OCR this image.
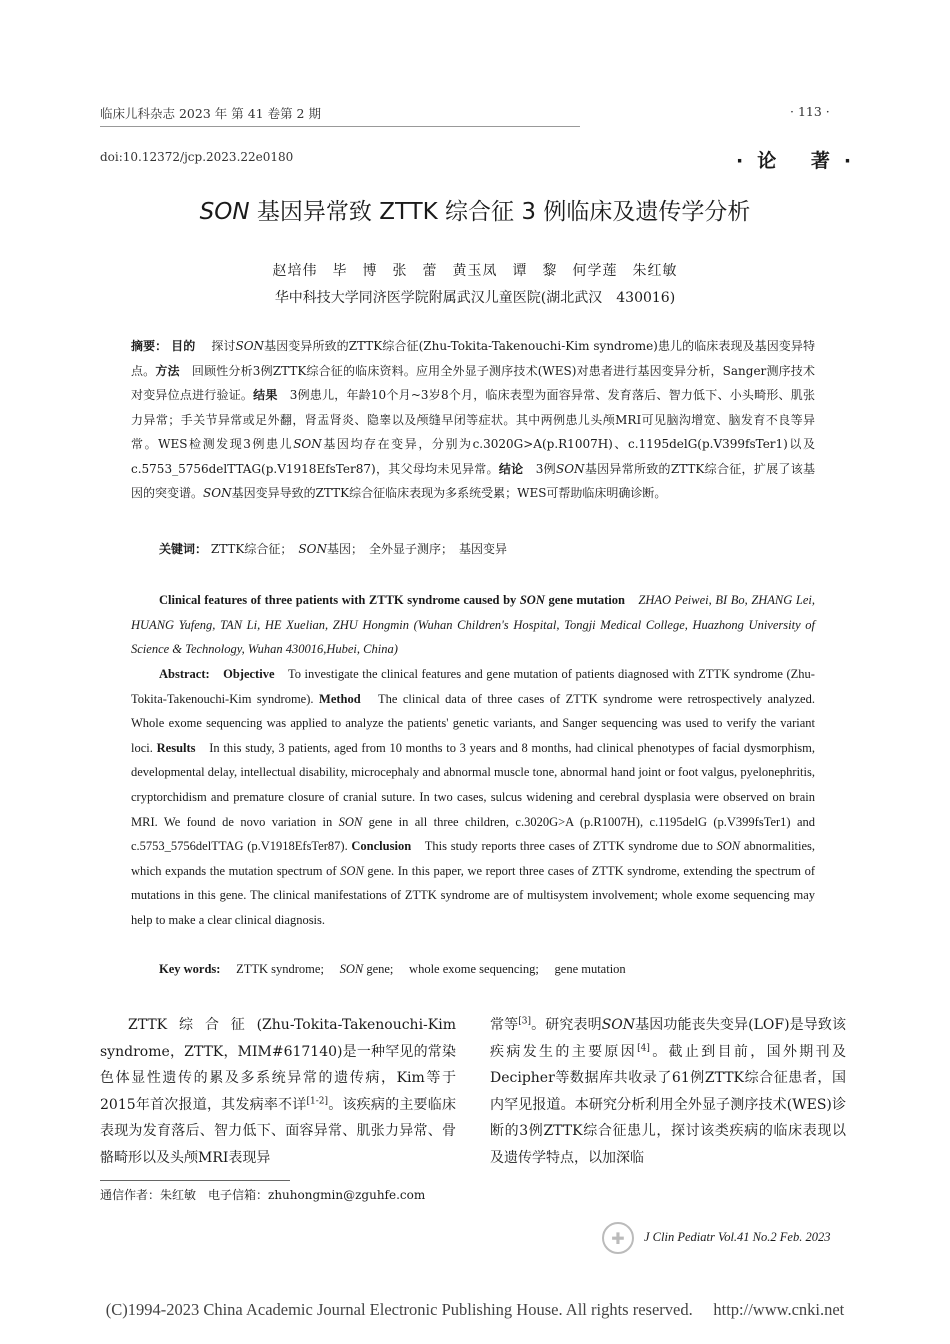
临床儿科杂志 2023 年 第 41 卷第 2 期	· 113 ·
doi:10.12372/jcp.2023.22e0180	·论 著·
SON 基因异常致 ZTTK 综合征 3 例临床及遗传学分析
赵培伟　毕　博　张　蕾　黄玉凤　谭　黎　何学莲　朱红敏
华中科技大学同济医学院附属武汉儿童医院(湖北武汉　430016)
摘要： 目的　 探讨SON基因变异所致的ZTTK综合征(Zhu-Tokita-Takenouchi-Kim syndrome)患儿的临床表现及基因变异特点。方法　 回顾性分析3例ZTTK综合征的临床资料。应用全外显子测序技术(WES)对患者进行基因变异分析，Sanger测序技术对变异位点进行验证。结果　 3例患儿，年龄10个月~3岁8个月，临床表型为面容异常、发育落后、智力低下、小头畸形、肌张力异常；手关节异常或足外翻，肾盂肾炎、隐睾以及颅缝早闭等症状。其中两例患儿头颅MRI可见脑沟增宽、脑发育不良等异常。WES检测发现3例患儿SON基因均存在变异，分别为c.3020G>A(p.R1007H)、c.1195delG(p.V399fsTer1)以及c.5753_5756delTTAG(p.V1918EfsTer87)，其父母均未见异常。结论　 3例SON基因异常所致的ZTTK综合征，扩展了该基因的突变谱。SON基因变异导致的ZTTK综合征临床表现为多系统受累；WES可帮助临床明确诊断。
关键词： ZTTK综合征；　 SON基因；　 全外显子测序；　 基因变异
Clinical features of three patients with ZTTK syndrome caused by SON gene mutation　 ZHAO Peiwei, BI Bo, ZHANG Lei, HUANG Yufeng, TAN Li, HE Xuelian, ZHU Hongmin (Wuhan Children's Hospital, Tongji Medical College, Huazhong University of Science & Technology, Wuhan 430016,Hubei, China)
Abstract:　 Objective　 To investigate the clinical features and gene mutation of patients diagnosed with ZTTK syndrome (Zhu-Tokita-Takenouchi-Kim syndrome). Method　 The clinical data of three cases of ZTTK syndrome were retrospectively analyzed. Whole exome sequencing was applied to analyze the patients' genetic variants, and Sanger sequencing was used to verify the variant loci. Results　 In this study, 3 patients, aged from 10 months to 3 years and 8 months, had clinical phenotypes of facial dysmorphism, developmental delay, intellectual disability, microcephaly and abnormal muscle tone, abnormal hand joint or foot valgus, pyelonephritis, cryptorchidism and premature closure of cranial suture. In two cases, sulcus widening and cerebral dysplasia were observed on brain MRI. We found de novo variation in SON gene in all three children, c.3020G>A (p.R1007H), c.1195delG (p.V399fsTer1) and c.5753_5756delTTAG (p.V1918EfsTer87). Conclusion　 This study reports three cases of ZTTK syndrome due to SON abnormalities, which expands the mutation spectrum of SON gene. In this paper, we report three cases of ZTTK syndrome, extending the spectrum of mutations in this gene. The clinical manifestations of ZTTK syndrome are of multisystem involvement; whole exome sequencing may help to make a clear clinical diagnosis.
Key words:　 ZTTK syndrome;　 SON gene;　 whole exome sequencing;　 gene mutation
ZTTK综合征(Zhu-Tokita-Takenouchi-Kim syndrome，ZTTK，MIM#617140)是一种罕见的常染色体显性遗传的累及多系统异常的遗传病，Kim等于2015年首次报道，其发病率不详[1-2]。该疾病的主要临床表现为发育落后、智力低下、面容异常、肌张力异常、骨骼畸形以及头颅MRI表现异
常等[3]。研究表明SON基因功能丧失变异(LOF)是导致该疾病发生的主要原因[4]。截止到目前，国外期刊及Decipher等数据库共收录了61例ZTTK综合征患者，国内罕见报道。本研究分析利用全外显子测序技术(WES)诊断的3例ZTTK综合征患儿，探讨该类疾病的临床表现以及遗传学特点，以加深临
通信作者：朱红敏　电子信箱：zhuhongmin@zguhfe.com
✚	J Clin Pediatr Vol.41 No.2 Feb. 2023
(C)1994-2023 China Academic Journal Electronic Publishing House. All rights reserved.　 http://www.cnki.net
